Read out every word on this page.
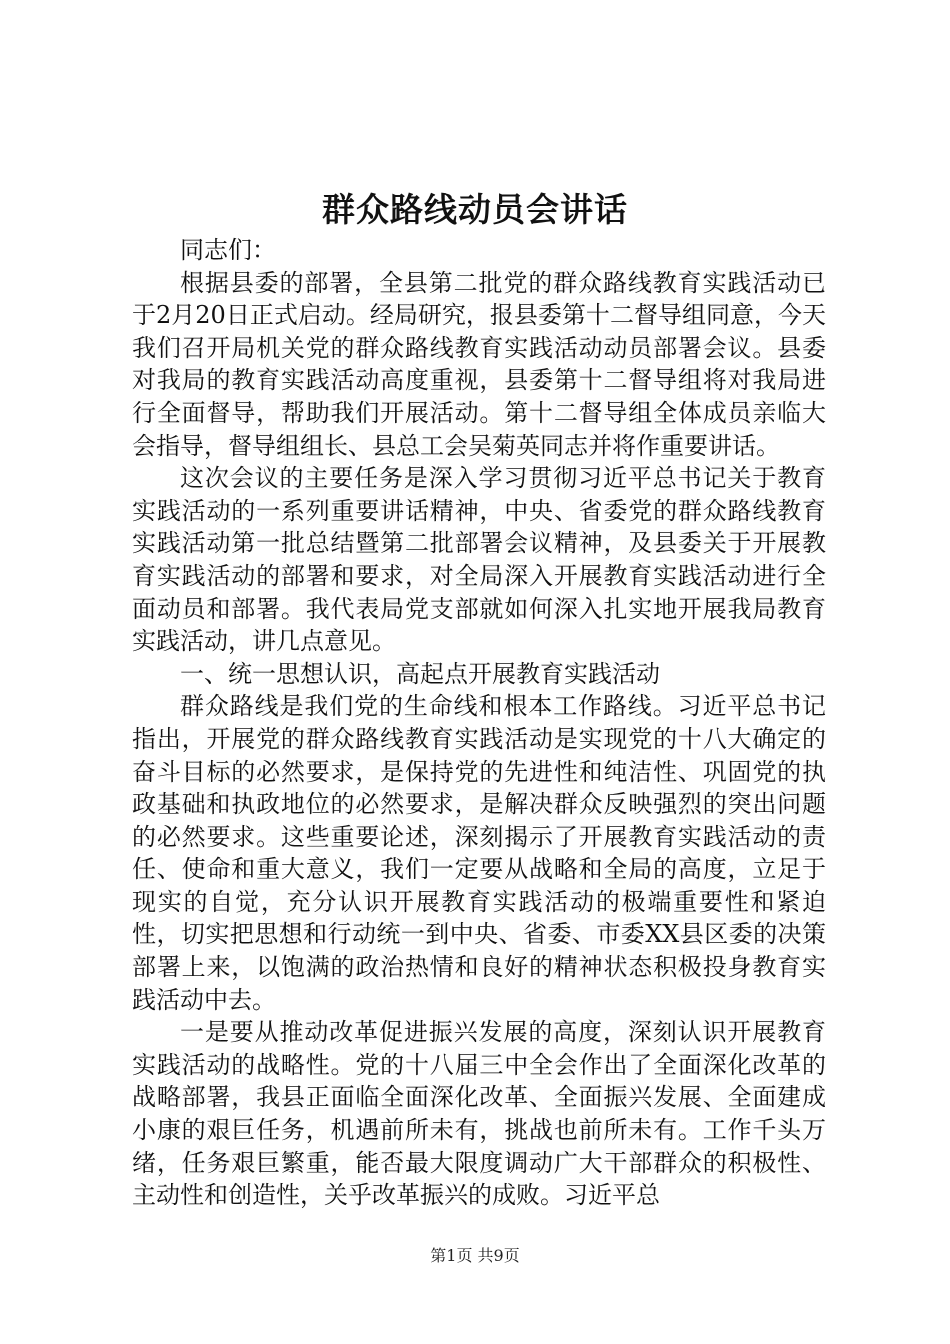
群众路线动员会讲话

同志们：

根据县委的部署，全县第二批党的群众路线教育实践活动已于2月20日正式启动。经局研究，报县委第十二督导组同意，今天我们召开局机关党的群众路线教育实践活动动员部署会议。县委对我局的教育实践活动高度重视，县委第十二督导组将对我局进行全面督导，帮助我们开展活动。第十二督导组全体成员亲临大会指导，督导组组长、县总工会吴菊英同志并将作重要讲话。

这次会议的主要任务是深入学习贯彻习近平总书记关于教育实践活动的一系列重要讲话精神，中央、省委党的群众路线教育实践活动第一批总结暨第二批部署会议精神，及县委关于开展教育实践活动的部署和要求，对全局深入开展教育实践活动进行全面动员和部署。我代表局党支部就如何深入扎实地开展我局教育实践活动，讲几点意见。

一、统一思想认识，高起点开展教育实践活动

群众路线是我们党的生命线和根本工作路线。习近平总书记指出，开展党的群众路线教育实践活动是实现党的十八大确定的奋斗目标的必然要求，是保持党的先进性和纯洁性、巩固党的执政基础和执政地位的必然要求，是解决群众反映强烈的突出问题的必然要求。这些重要论述，深刻揭示了开展教育实践活动的责任、使命和重大意义，我们一定要从战略和全局的高度，立足于现实的自觉，充分认识开展教育实践活动的极端重要性和紧迫性，切实把思想和行动统一到中央、省委、市委XX县区委的决策部署上来，以饱满的政治热情和良好的精神状态积极投身教育实践活动中去。

一是要从推动改革促进振兴发展的高度，深刻认识开展教育实践活动的战略性。党的十八届三中全会作出了全面深化改革的战略部署，我县正面临全面深化改革、全面振兴发展、全面建成小康的艰巨任务，机遇前所未有，挑战也前所未有。工作千头万绪，任务艰巨繁重，能否最大限度调动广大干部群众的积极性、主动性和创造性，关乎改革振兴的成败。习近平总

第1页 共9页
